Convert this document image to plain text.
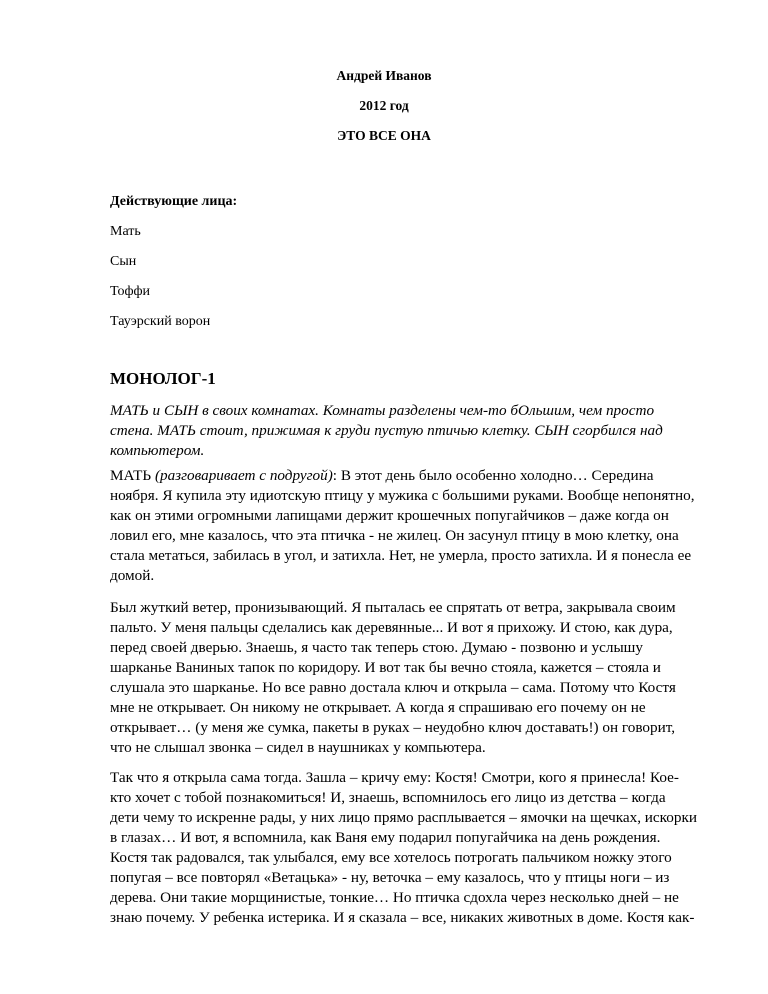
Андрей Иванов
2012 год
ЭТО ВСЕ ОНА
Действующие лица:
Мать
Сын
Тоффи
Тауэрский ворон
МОНОЛОГ-1
МАТЬ и СЫН в своих комнатах. Комнаты разделены чем-то бОльшим, чем просто
стена. МАТЬ стоит, прижимая к груди пустую птичью клетку. СЫН сгорбился над
компьютером.
МАТЬ (разговаривает с подругой): В этот день было особенно холодно… Середина
ноября. Я купила эту идиотскую птицу у мужика с большими руками. Вообще непонятно,
как он этими огромными лапищами держит крошечных попугайчиков – даже когда он
ловил его, мне казалось, что эта птичка - не жилец. Он засунул птицу в мою клетку, она
стала метаться, забилась в угол, и затихла. Нет, не умерла, просто затихла. И я понесла ее
домой.
Был жуткий ветер, пронизывающий. Я пыталась ее спрятать от ветра, закрывала своим
пальто. У меня пальцы сделались как деревянные... И вот я прихожу. И стою, как дура,
перед своей дверью. Знаешь, я часто так теперь стою. Думаю - позвоню и услышу
шарканье Ваниных тапок по коридору. И вот так бы вечно стояла, кажется – стояла и
слушала это шарканье. Но все равно достала ключ и открыла – сама. Потому что Костя
мне не открывает. Он никому не открывает. А когда я спрашиваю его почему он не
открывает… (у меня же сумка, пакеты в руках – неудобно ключ доставать!) он говорит,
что не слышал звонка – сидел в наушниках у компьютера.
Так что я открыла сама тогда. Зашла – кричу ему: Костя! Смотри, кого я принесла! Кое-
кто хочет с тобой познакомиться! И, знаешь, вспомнилось его лицо из детства – когда
дети чему то искренне рады, у них лицо прямо расплывается – ямочки на щечках, искорки
в глазах… И вот, я вспомнила, как Ваня ему подарил попугайчика на день рождения.
Костя так радовался, так улыбался, ему все хотелось потрогать пальчиком ножку этого
попугая – все повторял «Ветацька» - ну, веточка – ему казалось, что у птицы ноги – из
дерева. Они такие морщинистые, тонкие… Но птичка сдохла через несколько дней – не
знаю почему. У ребенка истерика. И я сказала – все, никаких животных в доме. Костя как-
